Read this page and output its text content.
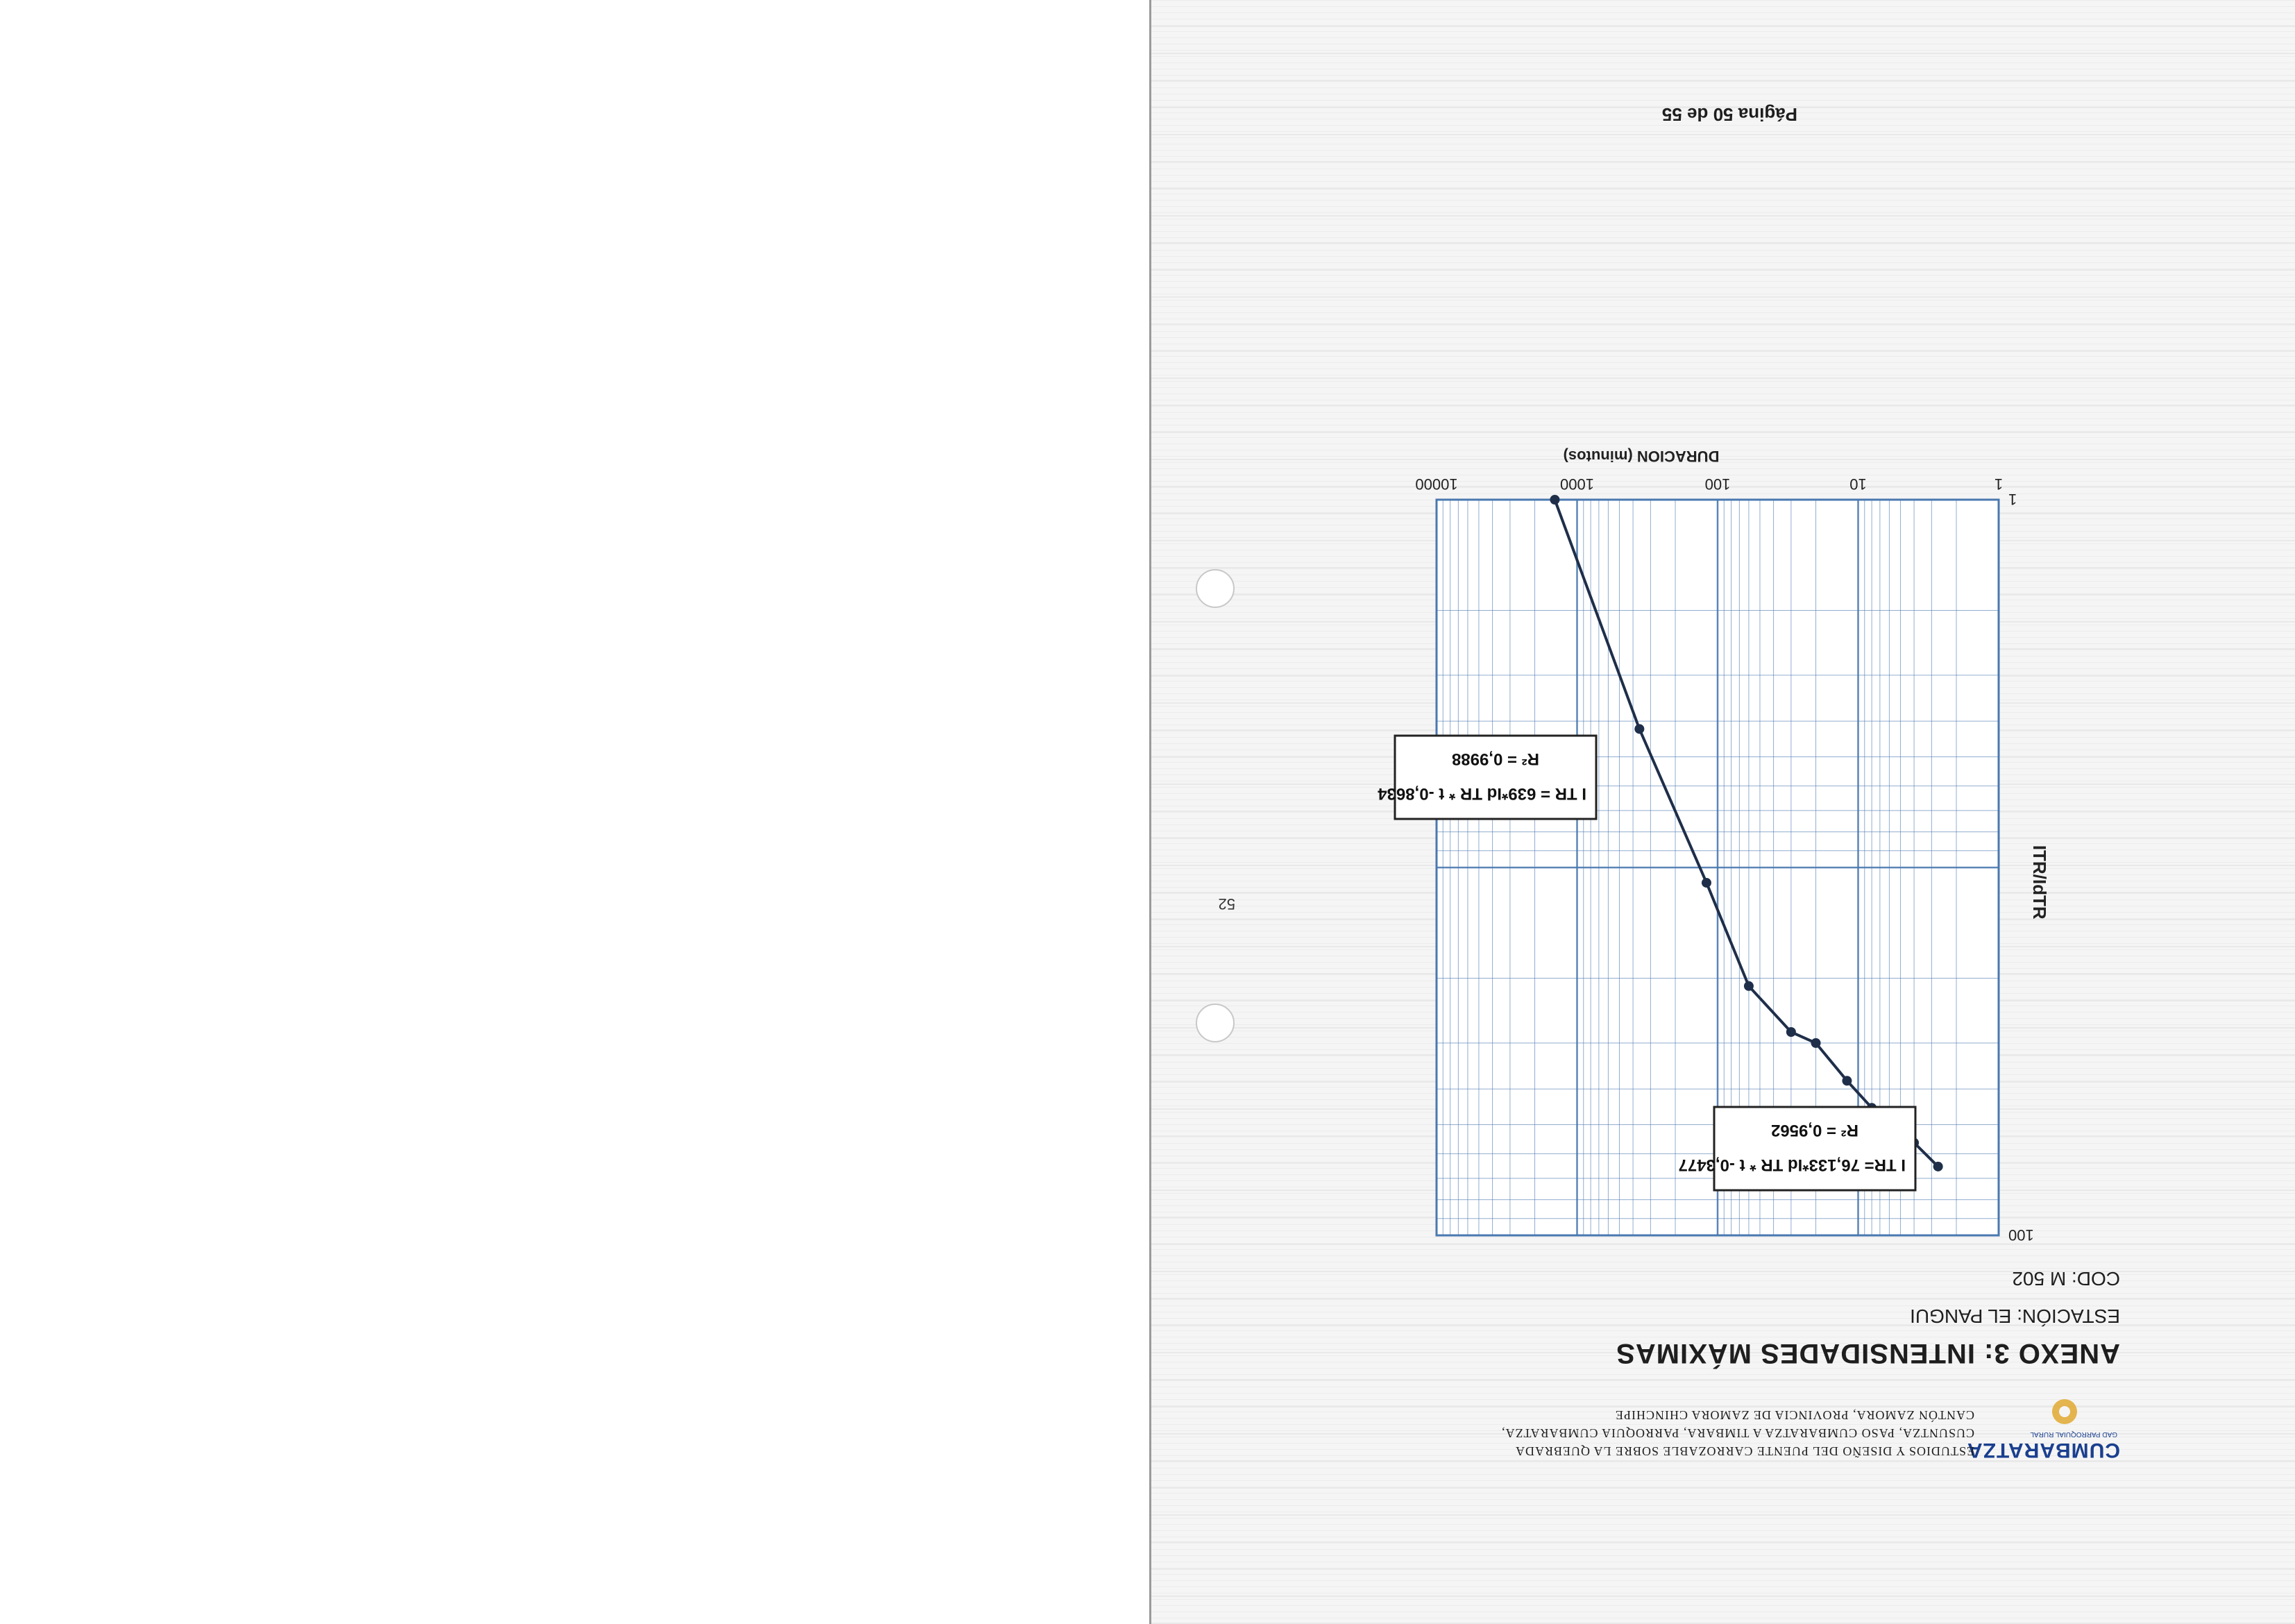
CUMBARATZA
GAD PARROQUIAL RURAL
ESTUDIOS Y DISEÑO DEL PUENTE CARROZABLE SOBRE LA QUEBRADA
CUSUNTZA, PASO CUMBARATZA A TIMBARA, PARROQUIA CUMBARATZA,
CANTÓN ZAMORA, PROVINCIA DE ZAMORA CHINCHIPE
ANEXO 3: INTENSIDADES MÁXIMAS
ESTACIÓN: EL PANGUI
COD: M 502
1
10
100
1000
10000
1
100
DURACION (minutos)
ITR/IdTR
I TR= 76,133*Id TR * t -0,3477
R² = 0,9562
I TR = 639*Id TR * t -0,8634
R² = 0,9988
52
Página 50 de 55
